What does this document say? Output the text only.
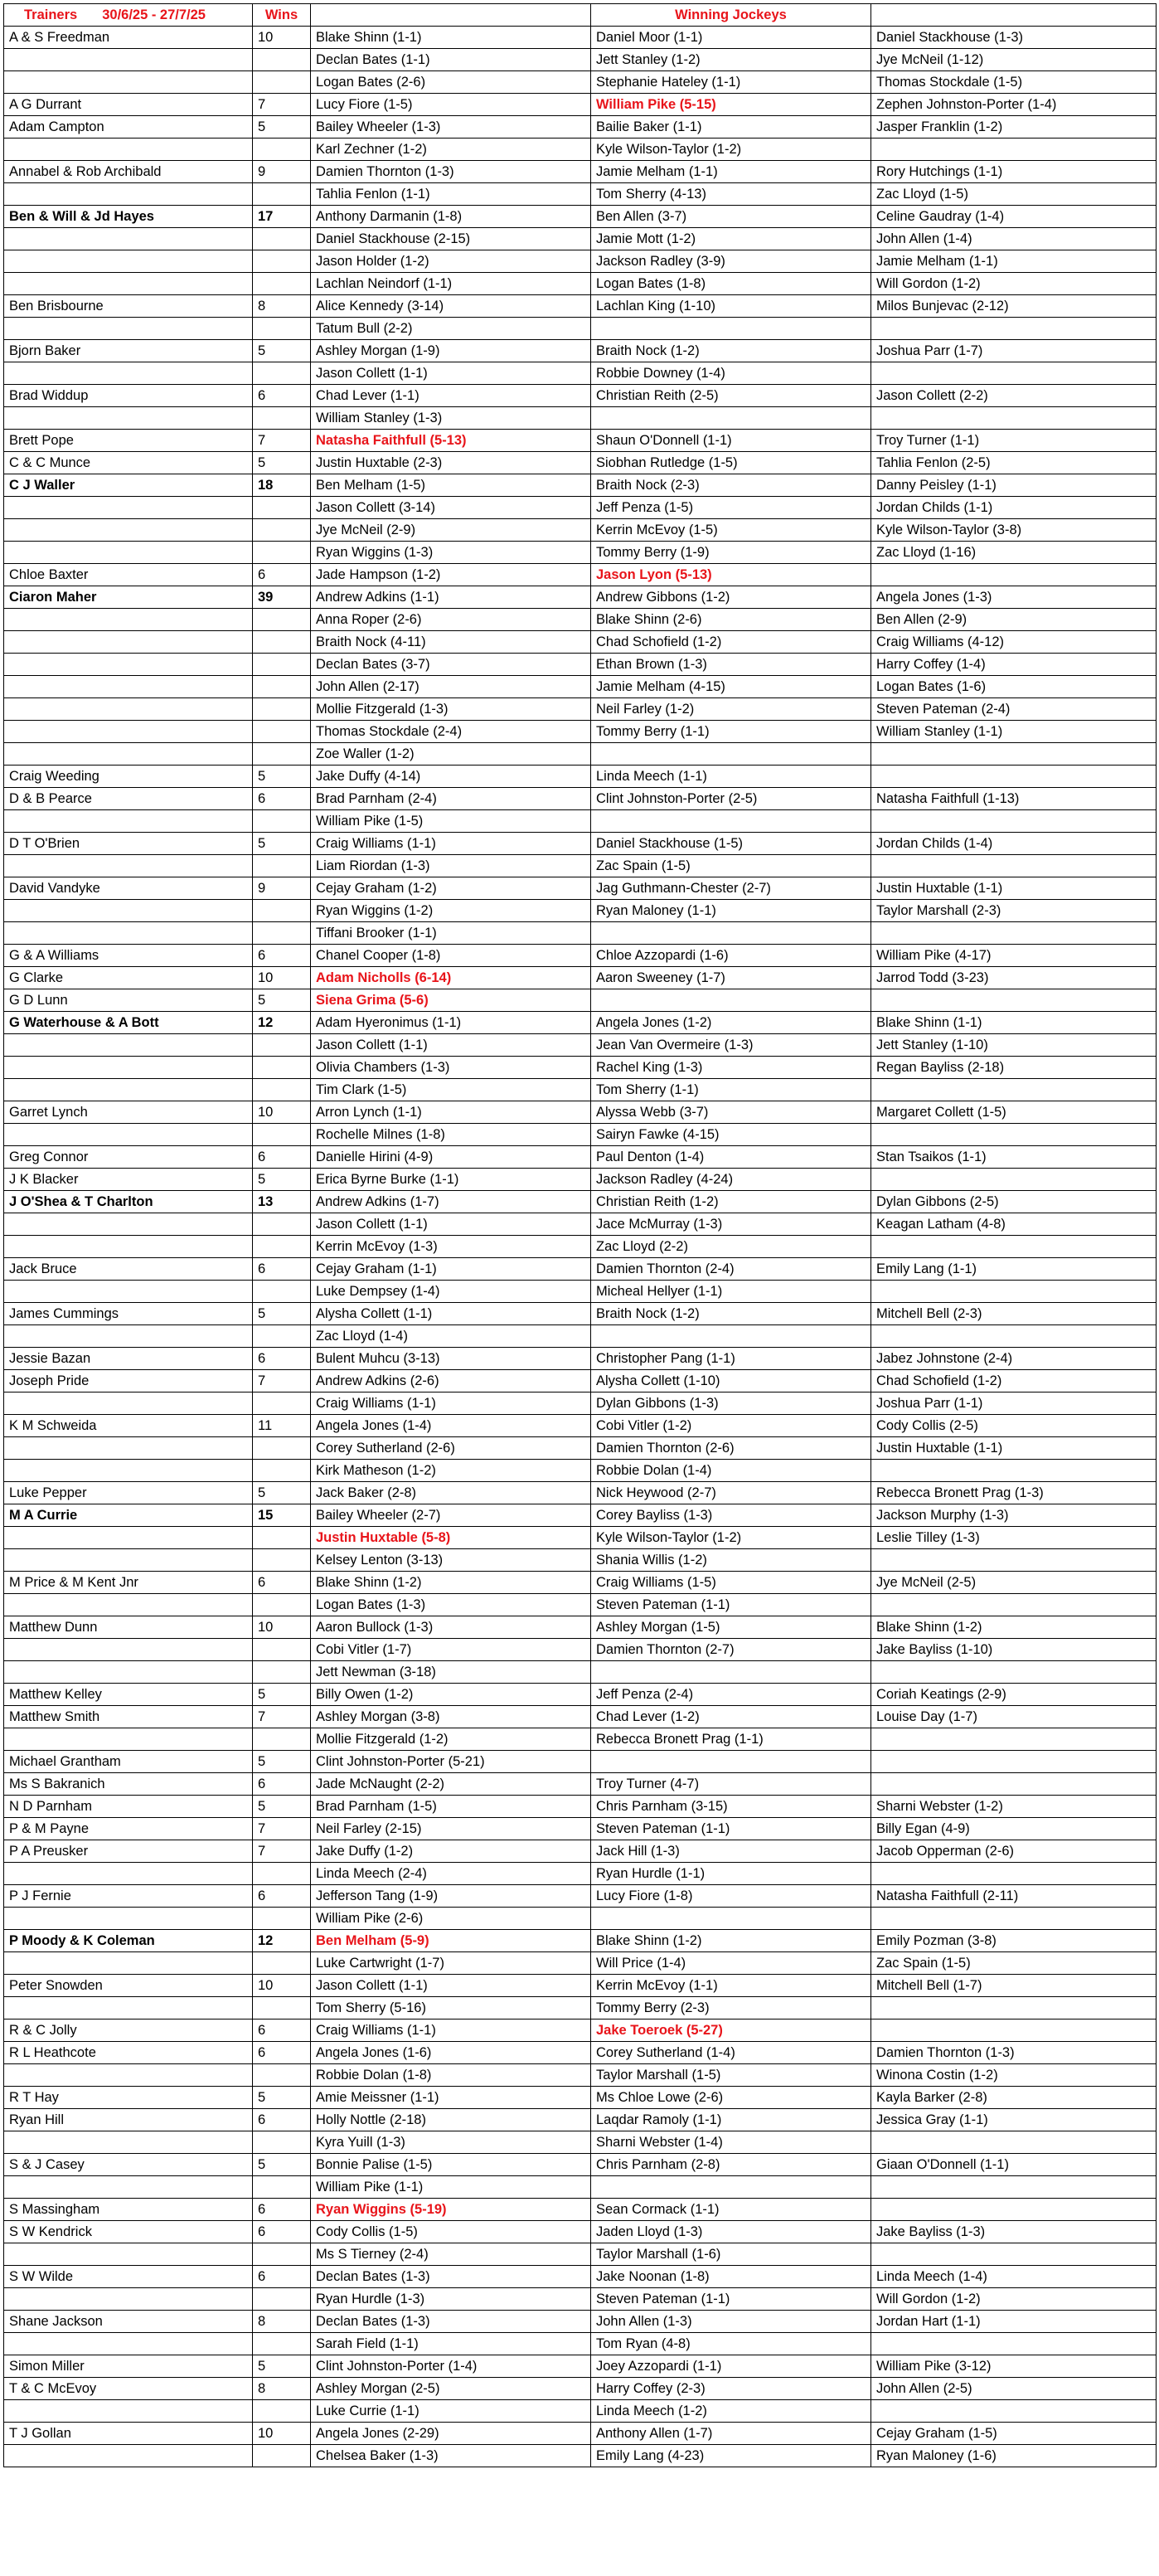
Trainers 30/6/25 - 27/7/25	Wins		Winning Jockeys	
A & S Freedman	10	Blake Shinn (1-1)	Daniel Moor (1-1)	Daniel Stackhouse (1-3)
		Declan Bates (1-1)	Jett Stanley (1-2)	Jye McNeil (1-12)
		Logan Bates (2-6)	Stephanie Hateley (1-1)	Thomas Stockdale (1-5)
A G Durrant	7	Lucy Fiore (1-5)	William Pike (5-15)	Zephen Johnston-Porter (1-4)
Adam Campton	5	Bailey Wheeler (1-3)	Bailie Baker (1-1)	Jasper Franklin (1-2)
		Karl Zechner (1-2)	Kyle Wilson-Taylor (1-2)	
Annabel & Rob Archibald	9	Damien Thornton (1-3)	Jamie Melham (1-1)	Rory Hutchings (1-1)
		Tahlia Fenlon (1-1)	Tom Sherry (4-13)	Zac Lloyd (1-5)
Ben & Will & Jd Hayes	17	Anthony Darmanin (1-8)	Ben Allen (3-7)	Celine Gaudray (1-4)
		Daniel Stackhouse (2-15)	Jamie Mott (1-2)	John Allen (1-4)
		Jason Holder (1-2)	Jackson Radley (3-9)	Jamie Melham (1-1)
		Lachlan Neindorf (1-1)	Logan Bates (1-8)	Will Gordon (1-2)
Ben Brisbourne	8	Alice Kennedy (3-14)	Lachlan King (1-10)	Milos Bunjevac (2-12)
		Tatum Bull (2-2)		
Bjorn Baker	5	Ashley Morgan (1-9)	Braith Nock (1-2)	Joshua Parr (1-7)
		Jason Collett (1-1)	Robbie Downey (1-4)	
Brad Widdup	6	Chad Lever (1-1)	Christian Reith (2-5)	Jason Collett (2-2)
		William Stanley (1-3)		
Brett Pope	7	Natasha Faithfull (5-13)	Shaun O'Donnell (1-1)	Troy Turner (1-1)
C & C Munce	5	Justin Huxtable (2-3)	Siobhan Rutledge (1-5)	Tahlia Fenlon (2-5)
C J Waller	18	Ben Melham (1-5)	Braith Nock (2-3)	Danny Peisley (1-1)
		Jason Collett (3-14)	Jeff Penza (1-5)	Jordan Childs (1-1)
		Jye McNeil (2-9)	Kerrin McEvoy (1-5)	Kyle Wilson-Taylor (3-8)
		Ryan Wiggins (1-3)	Tommy Berry (1-9)	Zac Lloyd (1-16)
Chloe Baxter	6	Jade Hampson (1-2)	Jason Lyon (5-13)	
Ciaron Maher	39	Andrew Adkins (1-1)	Andrew Gibbons (1-2)	Angela Jones (1-3)
		Anna Roper (2-6)	Blake Shinn (2-6)	Ben Allen (2-9)
		Braith Nock (4-11)	Chad Schofield (1-2)	Craig Williams (4-12)
		Declan Bates (3-7)	Ethan Brown (1-3)	Harry Coffey (1-4)
		John Allen (2-17)	Jamie Melham (4-15)	Logan Bates (1-6)
		Mollie Fitzgerald (1-3)	Neil Farley (1-2)	Steven Pateman (2-4)
		Thomas Stockdale (2-4)	Tommy Berry (1-1)	William Stanley (1-1)
		Zoe Waller (1-2)		
Craig Weeding	5	Jake Duffy (4-14)	Linda Meech (1-1)	
D & B Pearce	6	Brad Parnham (2-4)	Clint Johnston-Porter (2-5)	Natasha Faithfull (1-13)
		William Pike (1-5)		
D T O'Brien	5	Craig Williams (1-1)	Daniel Stackhouse (1-5)	Jordan Childs (1-4)
		Liam Riordan (1-3)	Zac Spain (1-5)	
David Vandyke	9	Cejay Graham (1-2)	Jag Guthmann-Chester (2-7)	Justin Huxtable (1-1)
		Ryan Wiggins (1-2)	Ryan Maloney (1-1)	Taylor Marshall (2-3)
		Tiffani Brooker (1-1)		
G & A Williams	6	Chanel Cooper (1-8)	Chloe Azzopardi (1-6)	William Pike (4-17)
G Clarke	10	Adam Nicholls (6-14)	Aaron Sweeney (1-7)	Jarrod Todd (3-23)
G D Lunn	5	Siena Grima (5-6)		
G Waterhouse & A Bott	12	Adam Hyeronimus (1-1)	Angela Jones (1-2)	Blake Shinn (1-1)
		Jason Collett (1-1)	Jean Van Overmeire (1-3)	Jett Stanley (1-10)
		Olivia Chambers (1-3)	Rachel King (1-3)	Regan Bayliss (2-18)
		Tim Clark (1-5)	Tom Sherry (1-1)	
Garret Lynch	10	Arron Lynch (1-1)	Alyssa Webb (3-7)	Margaret Collett (1-5)
		Rochelle Milnes (1-8)	Sairyn Fawke (4-15)	
Greg Connor	6	Danielle Hirini (4-9)	Paul Denton (1-4)	Stan Tsaikos (1-1)
J K Blacker	5	Erica Byrne Burke (1-1)	Jackson Radley (4-24)	
J O'Shea & T Charlton	13	Andrew Adkins (1-7)	Christian Reith (1-2)	Dylan Gibbons (2-5)
		Jason Collett (1-1)	Jace McMurray (1-3)	Keagan Latham (4-8)
		Kerrin McEvoy (1-3)	Zac Lloyd (2-2)	
Jack Bruce	6	Cejay Graham (1-1)	Damien Thornton (2-4)	Emily Lang (1-1)
		Luke Dempsey (1-4)	Micheal Hellyer (1-1)	
James Cummings	5	Alysha Collett (1-1)	Braith Nock (1-2)	Mitchell Bell (2-3)
		Zac Lloyd (1-4)		
Jessie Bazan	6	Bulent Muhcu (3-13)	Christopher Pang (1-1)	Jabez Johnstone (2-4)
Joseph Pride	7	Andrew Adkins (2-6)	Alysha Collett (1-10)	Chad Schofield (1-2)
		Craig Williams (1-1)	Dylan Gibbons (1-3)	Joshua Parr (1-1)
K M Schweida	11	Angela Jones (1-4)	Cobi Vitler (1-2)	Cody Collis (2-5)
		Corey Sutherland (2-6)	Damien Thornton (2-6)	Justin Huxtable (1-1)
		Kirk Matheson (1-2)	Robbie Dolan (1-4)	
Luke Pepper	5	Jack Baker (2-8)	Nick Heywood (2-7)	Rebecca Bronett Prag (1-3)
M A Currie	15	Bailey Wheeler (2-7)	Corey Bayliss (1-3)	Jackson Murphy (1-3)
		Justin Huxtable (5-8)	Kyle Wilson-Taylor (1-2)	Leslie Tilley (1-3)
		Kelsey Lenton (3-13)	Shania Willis (1-2)	
M Price & M Kent Jnr	6	Blake Shinn (1-2)	Craig Williams (1-5)	Jye McNeil (2-5)
		Logan Bates (1-3)	Steven Pateman (1-1)	
Matthew Dunn	10	Aaron Bullock (1-3)	Ashley Morgan (1-5)	Blake Shinn (1-2)
		Cobi Vitler (1-7)	Damien Thornton (2-7)	Jake Bayliss (1-10)
		Jett Newman (3-18)		
Matthew Kelley	5	Billy Owen (1-2)	Jeff Penza (2-4)	Coriah Keatings (2-9)
Matthew Smith	7	Ashley Morgan (3-8)	Chad Lever (1-2)	Louise Day (1-7)
		Mollie Fitzgerald (1-2)	Rebecca Bronett Prag (1-1)	
Michael Grantham	5	Clint Johnston-Porter (5-21)		
Ms S Bakranich	6	Jade McNaught (2-2)	Troy Turner (4-7)	
N D Parnham	5	Brad Parnham (1-5)	Chris Parnham (3-15)	Sharni Webster (1-2)
P & M Payne	7	Neil Farley (2-15)	Steven Pateman (1-1)	Billy Egan (4-9)
P A Preusker	7	Jake Duffy (1-2)	Jack Hill (1-3)	Jacob Opperman (2-6)
		Linda Meech (2-4)	Ryan Hurdle (1-1)	
P J Fernie	6	Jefferson Tang (1-9)	Lucy Fiore (1-8)	Natasha Faithfull (2-11)
		William Pike (2-6)		
P Moody & K Coleman	12	Ben Melham (5-9)	Blake Shinn (1-2)	Emily Pozman (3-8)
		Luke Cartwright (1-7)	Will Price (1-4)	Zac Spain (1-5)
Peter Snowden	10	Jason Collett (1-1)	Kerrin McEvoy (1-1)	Mitchell Bell (1-7)
		Tom Sherry (5-16)	Tommy Berry (2-3)	
R & C Jolly	6	Craig Williams (1-1)	Jake Toeroek (5-27)	
R L Heathcote	6	Angela Jones (1-6)	Corey Sutherland (1-4)	Damien Thornton (1-3)
		Robbie Dolan (1-8)	Taylor Marshall (1-5)	Winona Costin (1-2)
R T Hay	5	Amie Meissner (1-1)	Ms Chloe Lowe (2-6)	Kayla Barker (2-8)
Ryan Hill	6	Holly Nottle (2-18)	Laqdar Ramoly (1-1)	Jessica Gray (1-1)
		Kyra Yuill (1-3)	Sharni Webster (1-4)	
S & J Casey	5	Bonnie Palise (1-5)	Chris Parnham (2-8)	Giaan O'Donnell (1-1)
		William Pike (1-1)		
S Massingham	6	Ryan Wiggins (5-19)	Sean Cormack (1-1)	
S W Kendrick	6	Cody Collis (1-5)	Jaden Lloyd (1-3)	Jake Bayliss (1-3)
		Ms S Tierney (2-4)	Taylor Marshall (1-6)	
S W Wilde	6	Declan Bates (1-3)	Jake Noonan (1-8)	Linda Meech (1-4)
		Ryan Hurdle (1-3)	Steven Pateman (1-1)	Will Gordon (1-2)
Shane Jackson	8	Declan Bates (1-3)	John Allen (1-3)	Jordan Hart (1-1)
		Sarah Field (1-1)	Tom Ryan (4-8)	
Simon Miller	5	Clint Johnston-Porter (1-4)	Joey Azzopardi (1-1)	William Pike (3-12)
T & C McEvoy	8	Ashley Morgan (2-5)	Harry Coffey (2-3)	John Allen (2-5)
		Luke Currie (1-1)	Linda Meech (1-2)	
T J Gollan	10	Angela Jones (2-29)	Anthony Allen (1-7)	Cejay Graham (1-5)
		Chelsea Baker (1-3)	Emily Lang (4-23)	Ryan Maloney (1-6)
